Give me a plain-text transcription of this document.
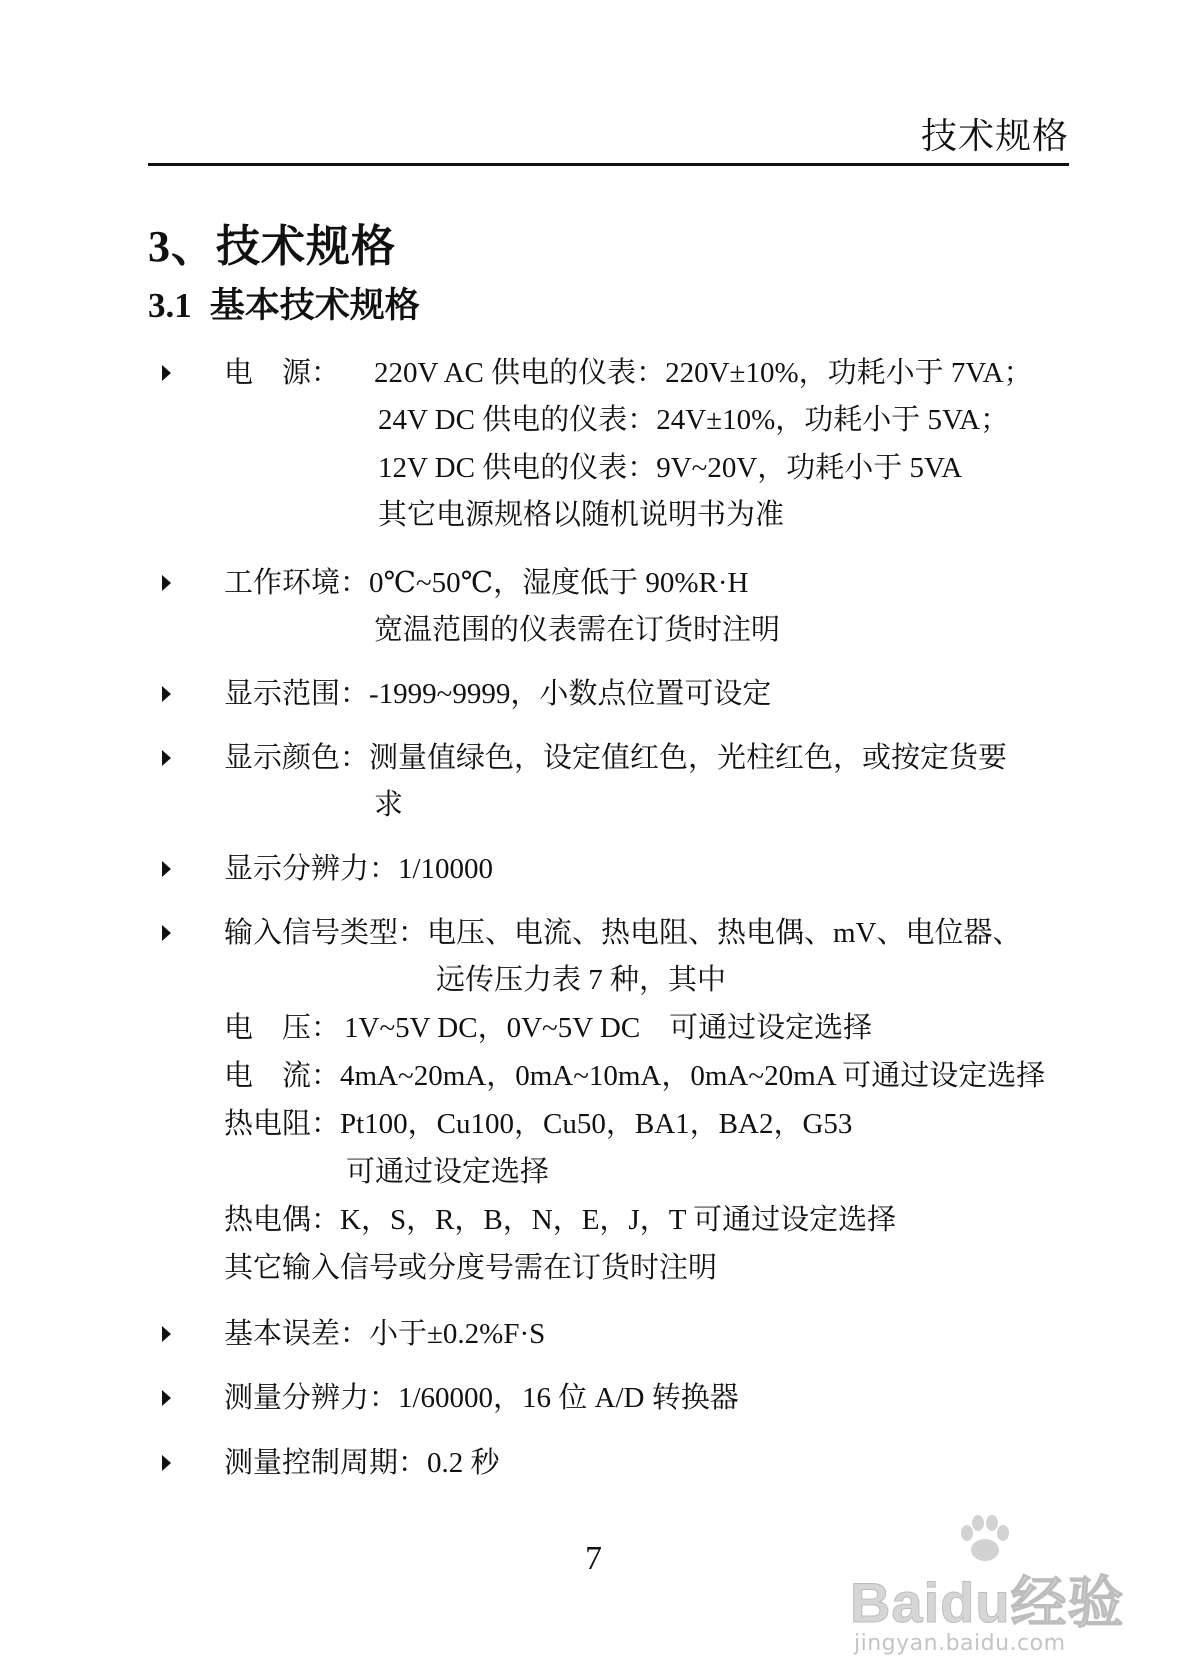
技术规格
3、技术规格
3.1 基本技术规格
电    源： 220V AC 供电的仪表：220V±10%，功耗小于 7VA；
24V DC 供电的仪表：24V±10%，功耗小于 5VA；
12V DC 供电的仪表：9V~20V，功耗小于 5VA
其它电源规格以随机说明书为准
工作环境：0℃~50℃，湿度低于 90%R·H
宽温范围的仪表需在订货时注明
显示范围：-1999~9999，小数点位置可设定
显示颜色：测量值绿色，设定值红色，光柱红色，或按定货要
求
显示分辨力：1/10000
输入信号类型：电压、电流、热电阻、热电偶、mV、电位器、
远传压力表 7 种，其中
电    压： 1V~5V DC，0V~5V DC    可通过设定选择
电    流： 4mA~20mA，0mA~10mA，0mA~20mA 可通过设定选择
热电阻：Pt100，Cu100，Cu50，BA1，BA2，G53
可通过设定选择
热电偶：K，S，R，B，N，E，J，T 可通过设定选择
其它输入信号或分度号需在订货时注明
基本误差：小于±0.2%F·S
测量分辨力：1/60000，16 位 A/D 转换器
测量控制周期：0.2 秒
7
Baidu经验
jingyan.baidu.com
